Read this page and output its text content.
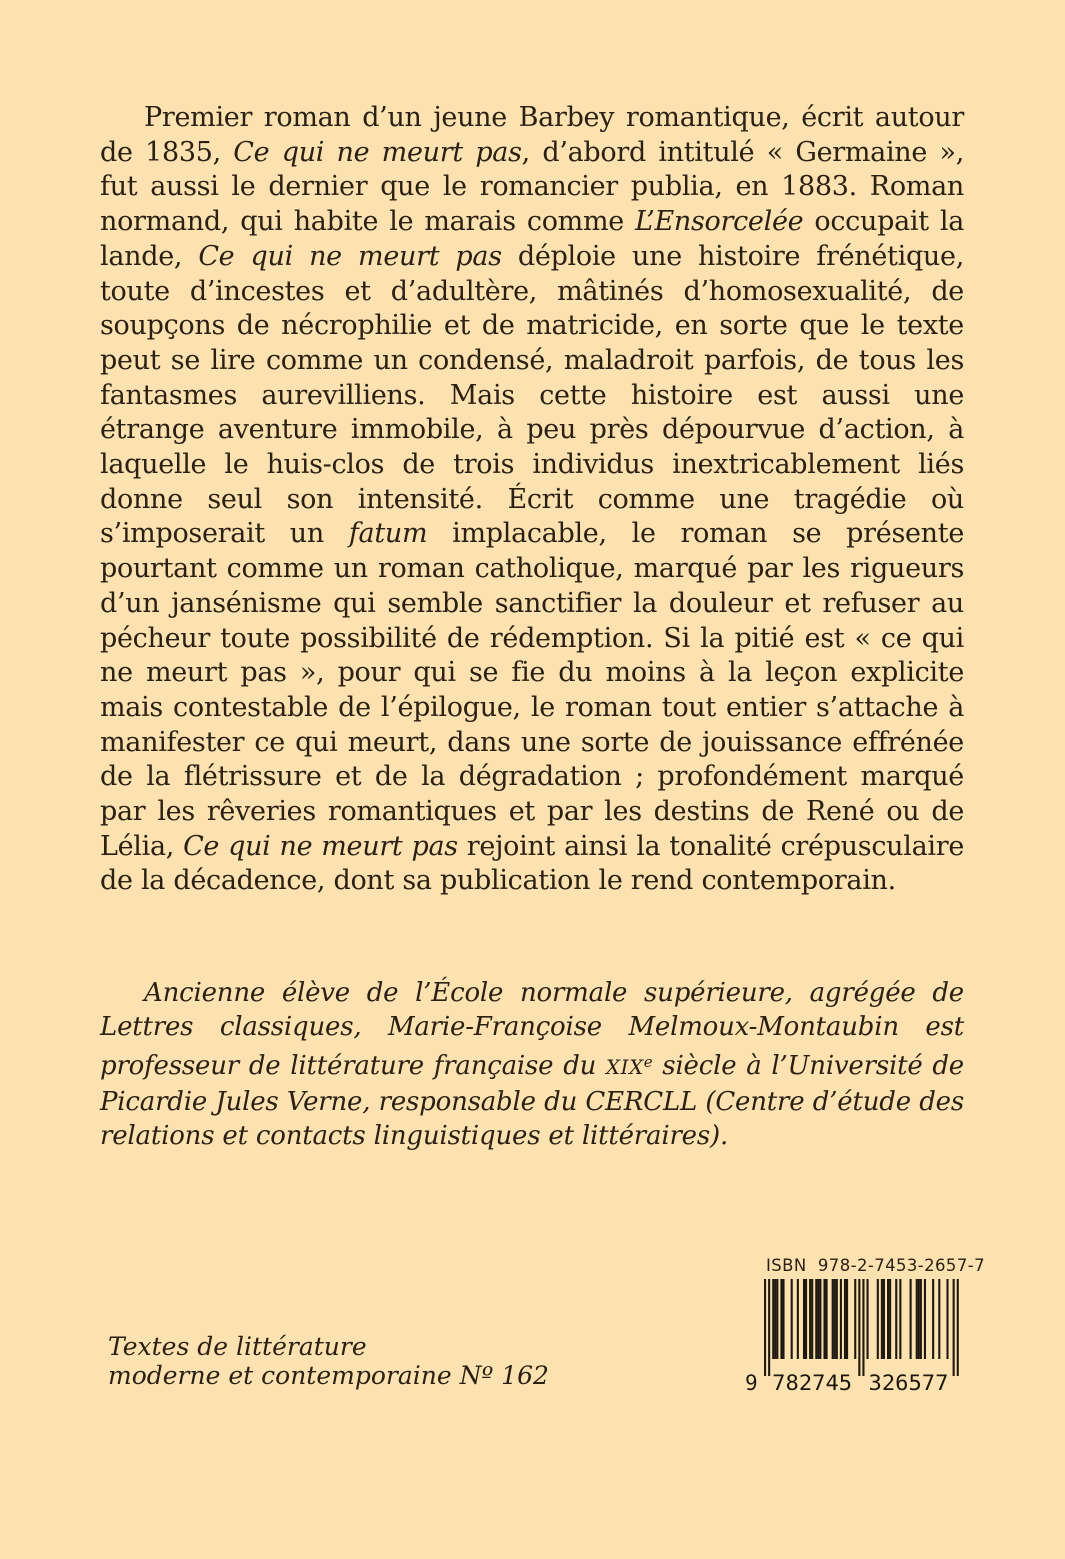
Premier roman d’un jeune Barbey romantique, écrit autour de 1835, Ce qui ne meurt pas, d’abord intitulé « Germaine », fut aussi le dernier que le romancier publia, en 1883. Roman normand, qui habite le marais comme L’Ensorcelée occupait la lande, Ce qui ne meurt pas déploie une histoire frénétique, toute d’incestes et d’adultère, mâtinés d’homosexualité, de soupçons de nécrophilie et de matricide, en sorte que le texte peut se lire comme un condensé, maladroit parfois, de tous les fantasmes aurevilliens. Mais cette histoire est aussi une étrange aventure immobile, à peu près dépourvue d’action, à laquelle le huis-clos de trois individus inextricablement liés donne seul son intensité. Écrit comme une tragédie où s’imposerait un fatum implacable, le roman se présente pourtant comme un roman catholique, marqué par les rigueurs d’un jansénisme qui semble sanctifier la douleur et refuser au pécheur toute possibilité de rédemption. Si la pitié est « ce qui ne meurt pas », pour qui se fie du moins à la leçon explicite mais contestable de l’épilogue, le roman tout entier s’attache à manifester ce qui meurt, dans une sorte de jouissance effrénée de la flétrissure et de la dégradation ; profondément marqué par les rêveries romantiques et par les destins de René ou de Lélia, Ce qui ne meurt pas rejoint ainsi la tonalité crépusculaire de la décadence, dont sa publication le rend contemporain.

Ancienne élève de l’École normale supérieure, agrégée de Lettres classiques, Marie-Françoise Melmoux-Montaubin est professeur de littérature française du XIXe siècle à l’Université de Picardie Jules Verne, responsable du CERCLL (Centre d’étude des relations et contacts linguistiques et littéraires).

Textes de littérature
moderne et contemporaine Nº 162
ISBN  978-2-7453-2657-7
9 782745 326577
